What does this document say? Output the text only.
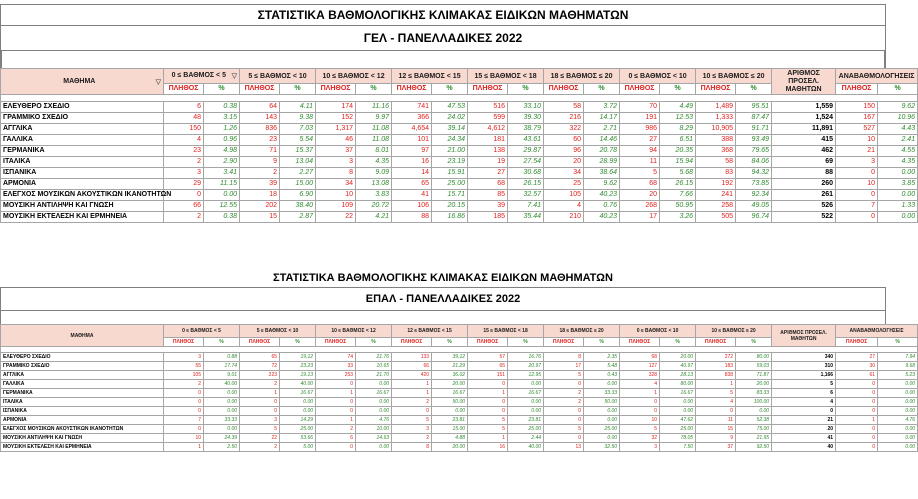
ΣΤΑΤΙΣΤΙΚΑ ΒΑΘΜΟΛΟΓΙΚΗΣ ΚΛΙΜΑΚΑΣ ΕΙΔΙΚΩΝ ΜΑΘΗΜΑΤΩΝ
ΓΕΛ - ΠΑΝΕΛΛΑΔΙΚΕΣ 2022
ΜΑΘΗΜΑ ▽	0 ≤ ΒΑΘΜΟΣ < 5 ▽		5 ≤ ΒΑΘΜΟΣ < 10		10 ≤ ΒΑΘΜΟΣ < 12		12 ≤ ΒΑΘΜΟΣ < 15		15 ≤ ΒΑΘΜΟΣ < 18		18 ≤ ΒΑΘΜΟΣ ≤ 20		0 ≤ ΒΑΘΜΟΣ < 10		10 ≤ ΒΑΘΜΟΣ ≤ 20		ΑΡΙΘΜΟΣ ΠΡΟΣΕΛ. ΜΑΘΗΤΩΝ	ΑΝΑΒΑΘΜΟΛΟΓΗΣΕΙΣ	
	ΠΛΗΘΟΣ	%	ΠΛΗΘΟΣ	%	ΠΛΗΘΟΣ	%	ΠΛΗΘΟΣ	%	ΠΛΗΘΟΣ	%	ΠΛΗΘΟΣ	%	ΠΛΗΘΟΣ	%	ΠΛΗΘΟΣ	%		ΠΛΗΘΟΣ	%

ΕΛΕΥΘΕΡΟ ΣΧΕΔΙΟ	6	0.38	64	4.11	174	11.16	741	47.53	516	33.10	58	3.72	70	4.49	1,489	95.51	1,559	150	9.62
ΓΡΑΜΜΙΚΟ ΣΧΕΔΙΟ	48	3.15	143	9.38	152	9.97	366	24.02	599	39.30	216	14.17	191	12.53	1,333	87.47	1,524	167	10.96
ΑΓΓΛΙΚΑ	150	1.26	836	7.03	1,317	11.08	4,654	39.14	4,612	38.79	322	2.71	986	8.29	10,905	91.71	11,891	527	4.43
ΓΑΛΛΙΚΑ	4	0.96	23	5.54	46	11.08	101	24.34	181	43.61	60	14.46	27	6.51	388	93.49	415	10	2.41
ΓΕΡΜΑΝΙΚΑ	23	4.98	71	15.37	37	8.01	97	21.00	138	29.87	96	20.78	94	20.35	368	79.65	462	21	4.55
ΙΤΑΛΙΚΑ	2	2.90	9	13.04	3	4.35	16	23.19	19	27.54	20	28.99	11	15.94	58	84.06	69	3	4.35
ΙΣΠΑΝΙΚΑ	3	3.41	2	2.27	8	9.09	14	15.91	27	30.68	34	38.64	5	5.68	83	94.32	88	0	0.00
ΑΡΜΟΝΙΑ	29	11.15	39	15.00	34	13.08	65	25.00	68	26.15	25	9.62	68	26.15	192	73.85	260	10	3.85
ΕΛΕΓΧΟΣ ΜΟΥΣΙΚΩΝ ΑΚΟΥΣΤΙΚΩΝ ΙΚΑΝΟΤΗΤΩΝ	0	0.00	18	6.90	10	3.83	41	15.71	85	32.57	105	40.23	20	7.66	241	92.34	261	0	0.00
ΜΟΥΣΙΚΗ ΑΝΤΙΛΗΨΗ ΚΑΙ ΓΝΩΣΗ	66	12.55	202	38.40	109	20.72	106	20.15	39	7.41	4	0.76	268	50.95	258	49.05	526	7	1.33
ΜΟΥΣΙΚΗ ΕΚΤΕΛΕΣΗ ΚΑΙ ΕΡΜΗΝΕΙΑ	2	0.38	15	2.87	22	4.21	88	16.86	185	35.44	210	40.23	17	3.26	505	96.74	522	0	0.00
ΣΤΑΤΙΣΤΙΚΑ ΒΑΘΜΟΛΟΓΙΚΗΣ ΚΛΙΜΑΚΑΣ ΕΙΔΙΚΩΝ ΜΑΘΗΜΑΤΩΝ
ΕΠΑΛ - ΠΑΝΕΛΛΑΔΙΚΕΣ 2022
ΜΑΘΗΜΑ	0 ≤ ΒΑΘΜΟΣ < 5		5 ≤ ΒΑΘΜΟΣ < 10		10 ≤ ΒΑΘΜΟΣ < 12		12 ≤ ΒΑΘΜΟΣ < 15		15 ≤ ΒΑΘΜΟΣ < 18		18 ≤ ΒΑΘΜΟΣ ≤ 20		0 ≤ ΒΑΘΜΟΣ < 10		10 ≤ ΒΑΘΜΟΣ ≤ 20		ΑΡΙΘΜΟΣ ΠΡΟΣΕΛ. ΜΑΘΗΤΩΝ	ΑΝΑΒΑΘΜΟΛΟΓΗΣΕΙΣ	
	ΠΛΗΘΟΣ	%	ΠΛΗΘΟΣ	%	ΠΛΗΘΟΣ	%	ΠΛΗΘΟΣ	%	ΠΛΗΘΟΣ	%	ΠΛΗΘΟΣ	%	ΠΛΗΘΟΣ	%	ΠΛΗΘΟΣ	%		ΠΛΗΘΟΣ	%

ΕΛΕΥΘΕΡΟ ΣΧΕΔΙΟ	3	0.88	65	19.12	74	21.76	133	39.12	57	16.76	8	2.35	68	20.00	272	80.00	340	27	7.94
ΓΡΑΜΜΙΚΟ ΣΧΕΔΙΟ	55	17.74	72	23.23	33	10.65	66	21.29	65	20.97	17	5.48	127	40.97	183	59.03	310	30	9.68
ΑΓΓΛΙΚΑ	105	9.01	223	19.13	253	21.70	420	36.02	151	12.95	5	0.43	328	28.13	838	71.87	1,166	61	5.23
ΓΑΛΛΙΚΑ	2	40.00	2	40.00	0	0.00	1	20.00	0	0.00	0	0.00	4	80.00	1	20.00	5	0	0.00
ΓΕΡΜΑΝΙΚΑ	0	0.00	1	16.67	1	16.67	1	16.67	1	16.67	2	33.33	1	16.67	5	83.33	6	0	0.00
ΙΤΑΛΙΚΑ	0	0.00	0	0.00	0	0.00	2	50.00	0	0.00	2	50.00	0	0.00	4	100.00	4	0	0.00
ΙΣΠΑΝΙΚΑ	0	0.00	0	0.00	0	0.00	0	0.00	0	0.00	0	0.00	0	0.00	0	0.00	0	0	0.00
ΑΡΜΟΝΙΑ	7	33.33	3	14.29	1	4.76	5	23.81	5	23.81	0	0.00	10	47.62	11	52.38	21	1	4.76
ΕΛΕΓΧΟΣ ΜΟΥΣΙΚΩΝ ΑΚΟΥΣΤΙΚΩΝ ΙΚΑΝΟΤΗΤΩΝ	0	0.00	5	25.00	2	10.00	3	15.00	5	25.00	5	25.00	5	25.00	15	75.00	20	0	0.00
ΜΟΥΣΙΚΗ ΑΝΤΙΛΗΨΗ ΚΑΙ ΓΝΩΣΗ	10	24.39	22	53.66	6	14.63	2	4.88	1	2.44	0	0.00	32	78.05	9	21.95	41	0	0.00
ΜΟΥΣΙΚΗ ΕΚΤΕΛΕΣΗ ΚΑΙ ΕΡΜΗΝΕΙΑ	1	2.50	2	5.00	0	0.00	8	20.00	16	40.00	13	32.50	3	7.50	37	92.50	40	0	0.00
